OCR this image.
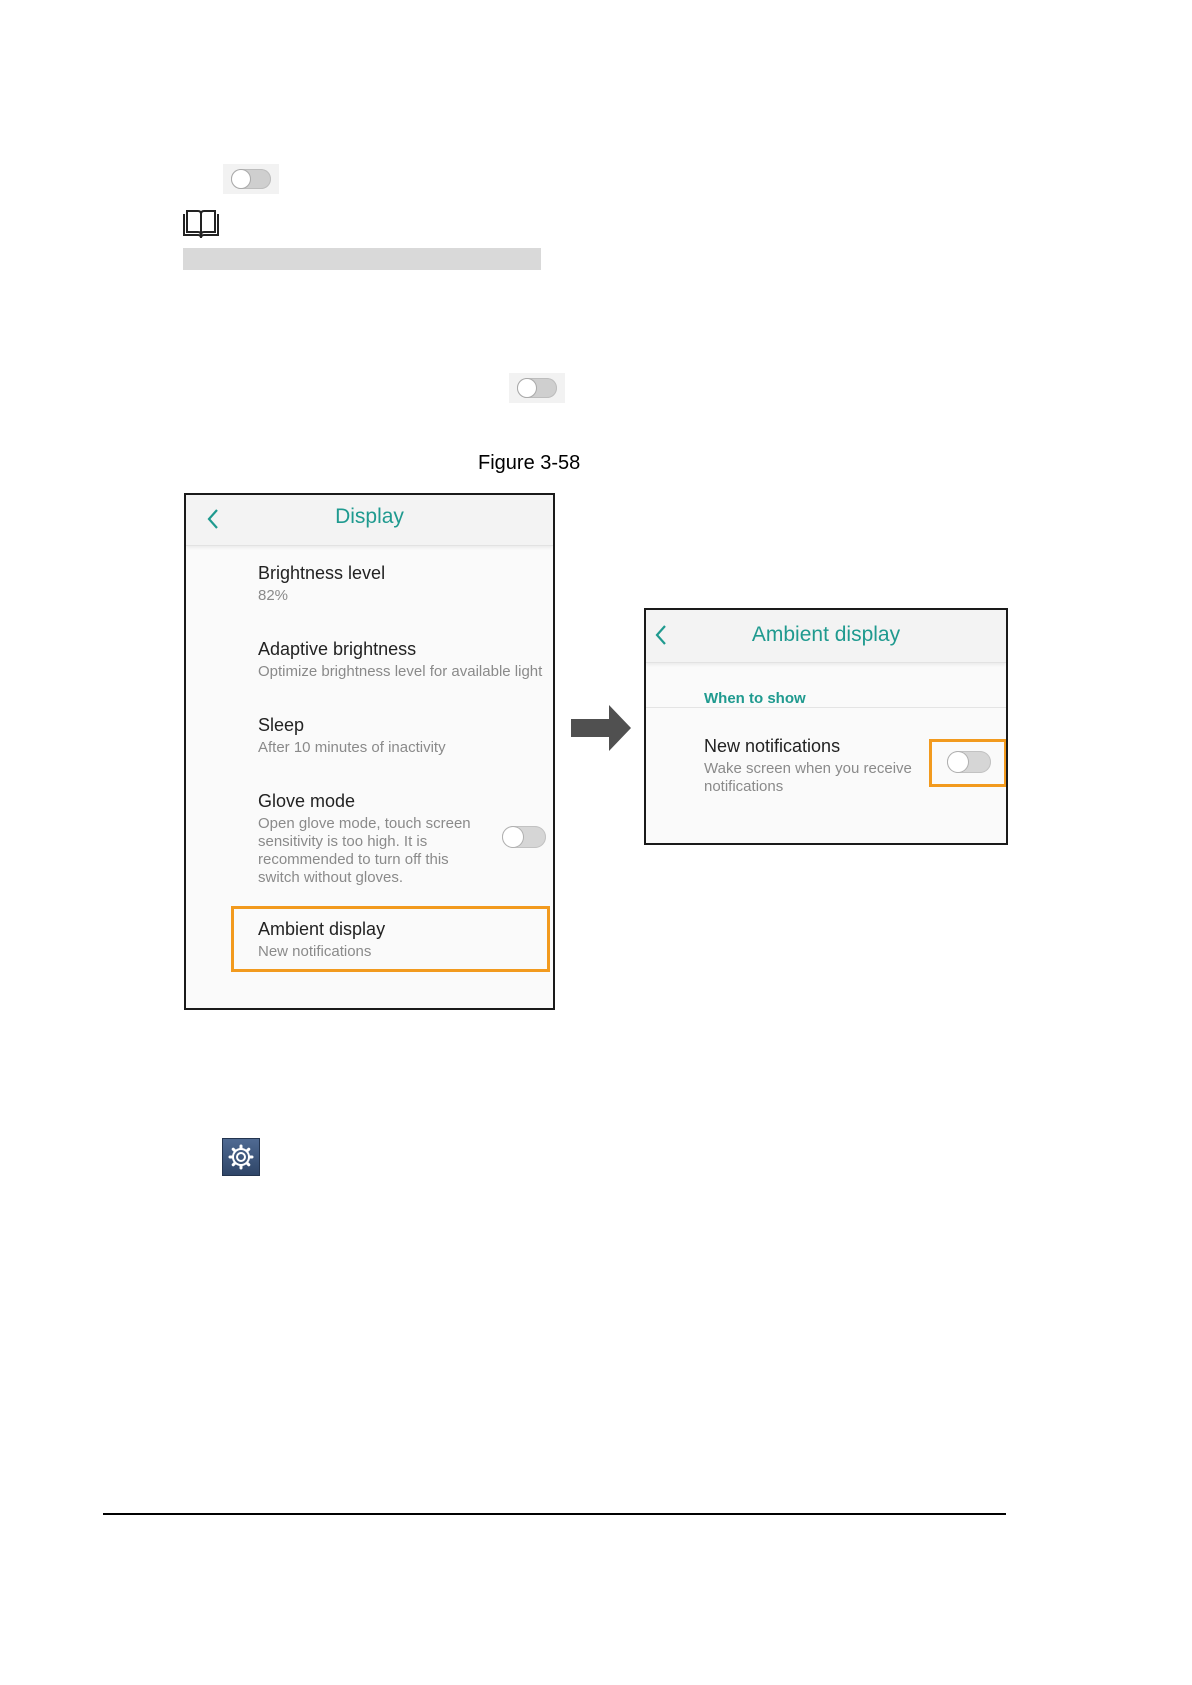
Figure 3-58
Display
Brightness level
82%
Adaptive brightness
Optimize brightness level for available light
Sleep
After 10 minutes of inactivity
Glove mode
Open glove mode, touch screen
sensitivity is too high. It is
recommended to turn off this
switch without gloves.
Ambient display
New notifications
Ambient display
When to show
New notifications
Wake screen when you receive
notifications
